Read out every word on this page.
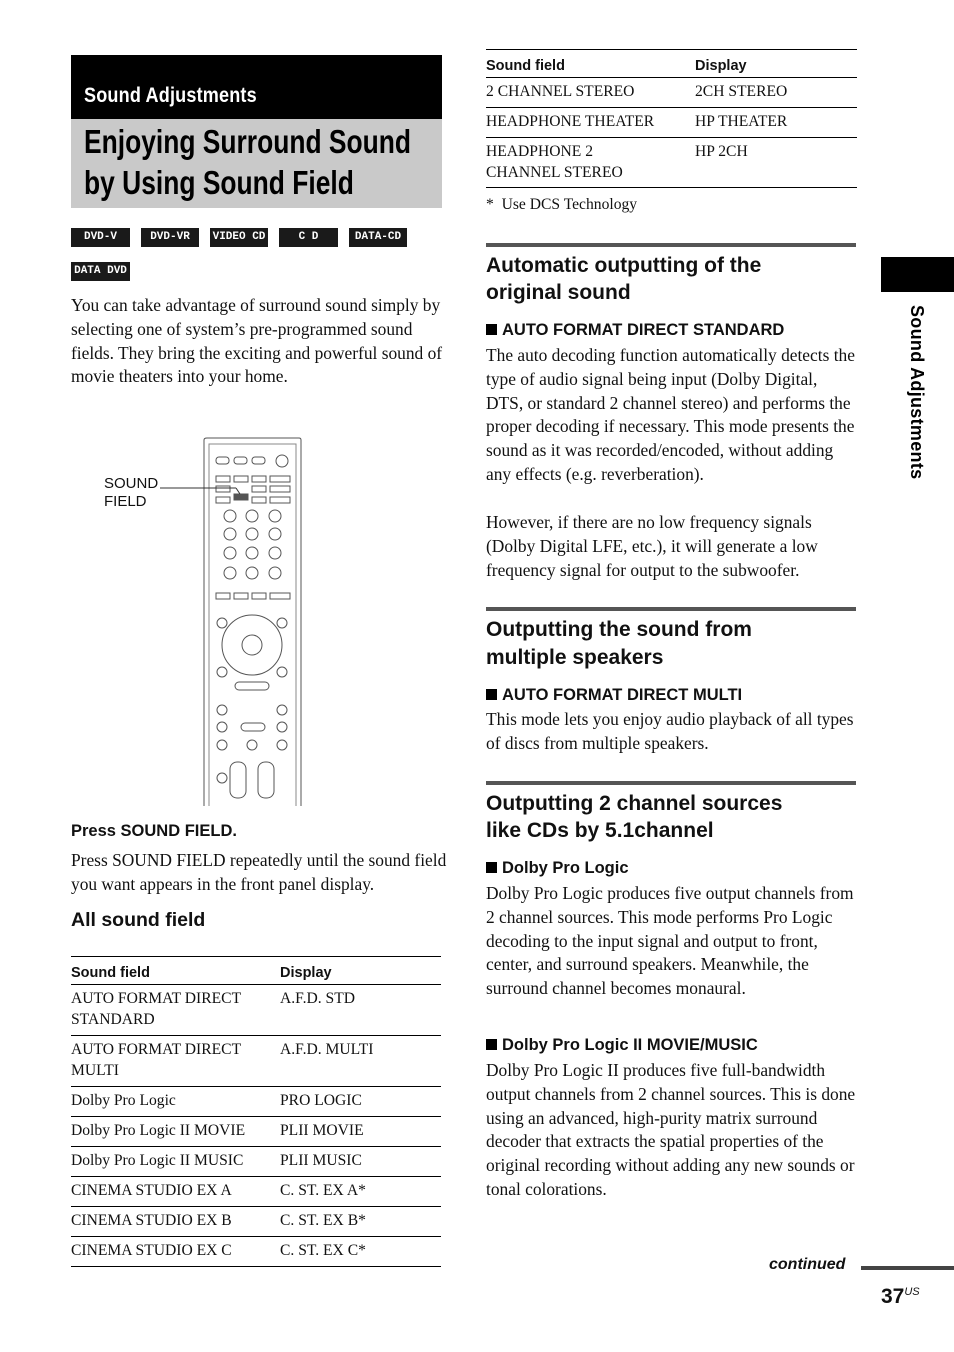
Sound Adjustments
Enjoying Surround Sound
by Using Sound Field
DVD-V	DVD-VR	VIDEO CD	C D	DATA-CD
DATA DVD

You can take advantage of surround sound simply by selecting one of system’s pre-programmed sound fields. They bring the exciting and powerful sound of movie theaters into your home.

SOUND
FIELD

Press SOUND FIELD.

Press SOUND FIELD repeatedly until the sound field you want appears in the front panel display.

All sound field

Sound field	Display
AUTO FORMAT DIRECT STANDARD	A.F.D. STD
AUTO FORMAT DIRECT MULTI	A.F.D. MULTI
Dolby Pro Logic	PRO LOGIC
Dolby Pro Logic II MOVIE	PLII MOVIE
Dolby Pro Logic II MUSIC	PLII MUSIC
CINEMA STUDIO EX A	C. ST. EX A*
CINEMA STUDIO EX B	C. ST. EX B*
CINEMA STUDIO EX C	C. ST. EX C*
Sound field	Display
2 CHANNEL STEREO	2CH STEREO
HEADPHONE THEATER	HP THEATER
HEADPHONE 2 CHANNEL STEREO	HP 2CH

*  Use DCS Technology

Automatic outputting of the
original sound

AUTO FORMAT DIRECT STANDARD

The auto decoding function automatically detects the type of audio signal being input (Dolby Digital, DTS, or standard 2 channel stereo) and performs the proper decoding if necessary. This mode presents the sound as it was recorded/encoded, without adding any effects (e.g. reverberation).

However, if there are no low frequency signals (Dolby Digital LFE, etc.), it will generate a low frequency signal for output to the subwoofer.

Outputting the sound from
multiple speakers

AUTO FORMAT DIRECT MULTI

This mode lets you enjoy audio playback of all types of discs from multiple speakers.

Outputting 2 channel sources
like CDs by 5.1channel

Dolby Pro Logic

Dolby Pro Logic produces five output channels from 2 channel sources. This mode performs Pro Logic decoding to the input signal and output to front, center, and surround speakers. Meanwhile, the surround channel becomes monaural.

Dolby Pro Logic II MOVIE/MUSIC

Dolby Pro Logic II produces five full-bandwidth output channels from 2 channel sources. This is done using an advanced, high-purity matrix surround decoder that extracts the spatial properties of the original recording without adding any new sounds or tonal colorations.

Sound Adjustments
continued
$37^{US}$
